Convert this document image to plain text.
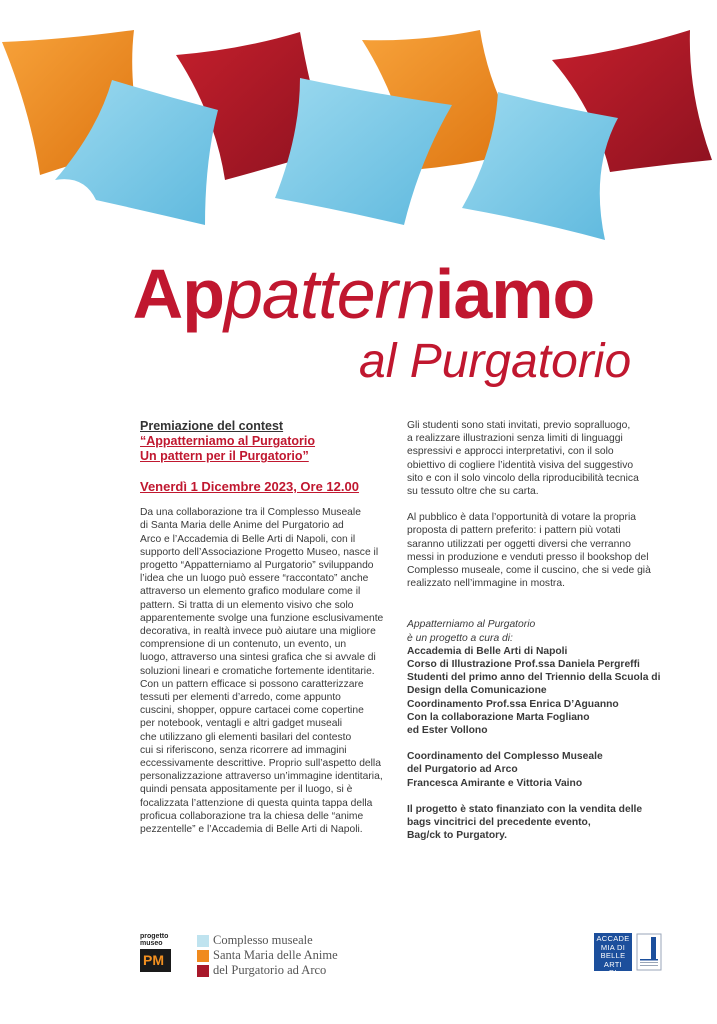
Appatterniamo
al Purgatorio
Premiazione del contest
“Appatterniamo al Purgatorio
Un pattern per il Purgatorio”
Venerdì 1 Dicembre 2023, Ore 12.00
Da una collaborazione tra il Complesso Museale
di Santa Maria delle Anime del Purgatorio ad
Arco e l’Accademia di Belle Arti di Napoli, con il
supporto dell’Associazione Progetto Museo, nasce il
progetto “Appatterniamo al Purgatorio” sviluppando
l’idea che un luogo può essere “raccontato” anche
attraverso un elemento grafico modulare come il
pattern. Si tratta di un elemento visivo che solo
apparentemente svolge una funzione esclusivamente
decorativa, in realtà invece può aiutare una migliore
comprensione di un contenuto, un evento, un
luogo, attraverso una sintesi grafica che si avvale di
soluzioni lineari e cromatiche fortemente identitarie.
Con un pattern efficace si possono caratterizzare
tessuti per elementi d’arredo, come appunto
cuscini, shopper, oppure cartacei come copertine
per notebook, ventagli e altri gadget museali
che utilizzano gli elementi basilari del contesto
cui si riferiscono, senza ricorrere ad immagini
eccessivamente descrittive. Proprio sull’aspetto della
personalizzazione attraverso un’immagine identitaria,
quindi pensata appositamente per il luogo, si è
focalizzata l’attenzione di questa quinta tappa della
proficua collaborazione tra la chiesa delle “anime
pezzentelle” e l’Accademia di Belle Arti di Napoli.
Gli studenti sono stati invitati, previo sopralluogo,
a realizzare illustrazioni senza limiti di linguaggi
espressivi e approcci interpretativi, con il solo
obiettivo di cogliere l’identità visiva del suggestivo
sito e con il solo vincolo della riproducibilità tecnica
su tessuto oltre che su carta.
Al pubblico è data l’opportunità di votare la propria
proposta di pattern preferito: i pattern più votati
saranno utilizzati per oggetti diversi che verranno
messi in produzione e venduti presso il bookshop del
Complesso museale, come il cuscino, che si vede già
realizzato nell’immagine in mostra.
Appatterniamo al Purgatorio
è un progetto a cura di:
Accademia di Belle Arti di Napoli
Corso di Illustrazione Prof.ssa Daniela Pergreffi
Studenti del primo anno del Triennio della Scuola di
Design della Comunicazione
Coordinamento Prof.ssa Enrica D’Aguanno
Con la collaborazione Marta Fogliano
ed Ester Vollono
Coordinamento del Complesso Museale
del Purgatorio ad Arco
Francesca Amirante e Vittoria Vaino
Il progetto è stato finanziato con la vendita delle
bags vincitrici del precedente evento,
Bag/ck to Purgatory.
progetto
museo
PM
Complesso museale
Santa Maria delle Anime
del Purgatorio ad Arco
ACCADE
MIA DI
BELLE ARTI
DI NAPOLI
